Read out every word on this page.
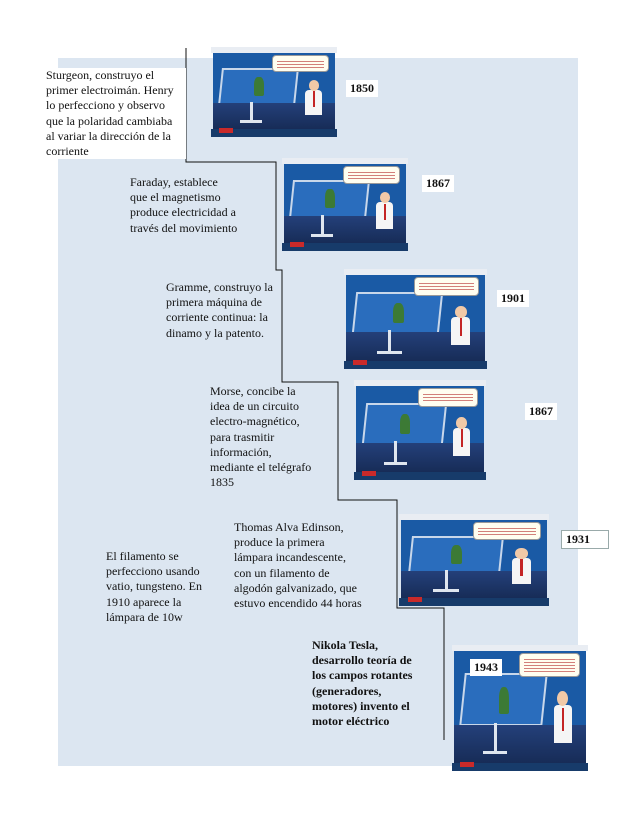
Sturgeon, construyo el
primer electroimán. Henry
lo perfecciono y observo
que la polaridad cambiaba
al variar la dirección de la
corriente
Faraday, establece
que el magnetismo
produce electricidad a
través del movimiento
Gramme, construyo la
primera máquina de
corriente continua: la
dinamo y la patento.
Morse, concibe la
idea de un circuito
electro-magnético,
para trasmitir
información,
mediante el telégrafo
1835
Thomas Alva Edinson,
produce la primera
lámpara incandescente,
con un filamento de
algodón galvanizado, que
estuvo encendido 44 horas
El filamento se
perfecciono usando
vatio, tungsteno. En
1910 aparece la
lámpara de 10w
Nikola Tesla,
desarrollo teoría de
los campos rotantes
(generadores,
motores) invento el
motor eléctrico
1850
1867
1901
1867
1931
1943
